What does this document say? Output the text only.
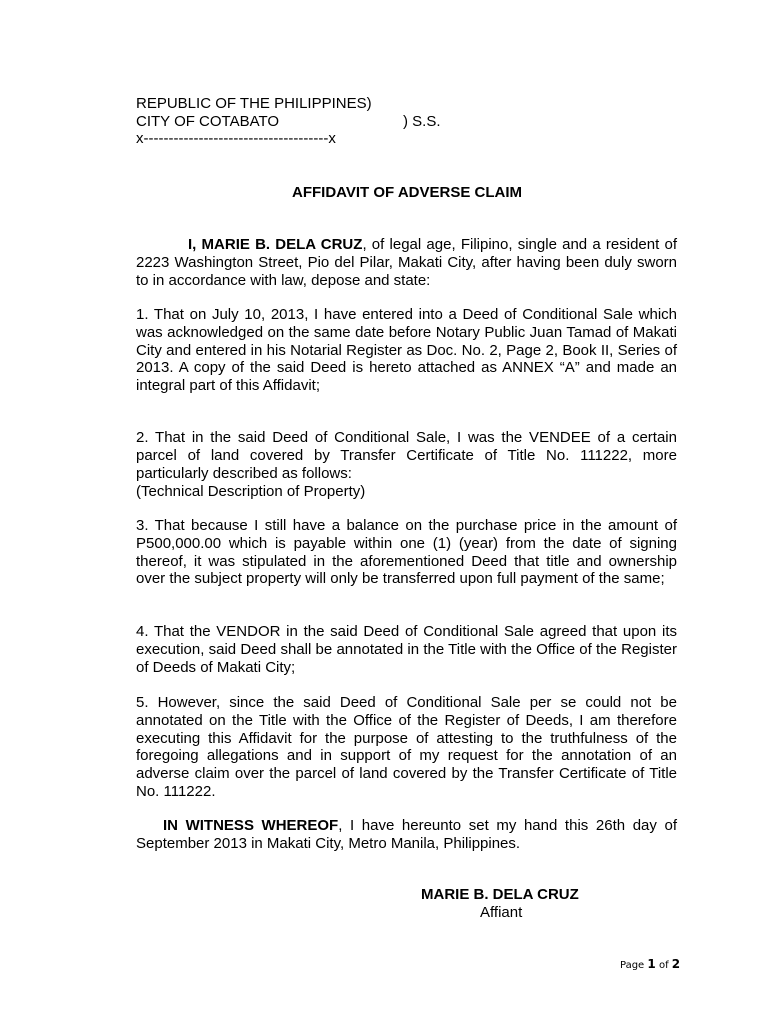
REPUBLIC OF THE PHILIPPINES)

CITY OF COTABATO	) S.S.

x-------------------------------------x

AFFIDAVIT OF ADVERSE CLAIM

I, MARIE B. DELA CRUZ, of legal age, Filipino, single and a resident of 2223 Washington Street, Pio del Pilar, Makati City, after having been duly sworn to in accordance with law, depose and state:

1. That on July 10, 2013, I have entered into a Deed of Conditional Sale which was acknowledged on the same date before Notary Public Juan Tamad of Makati City and entered in his Notarial Register as Doc. No. 2, Page 2, Book II, Series of 2013. A copy of the said Deed is hereto attached as ANNEX “A” and made an integral part of this Affidavit;

2. That in the said Deed of Conditional Sale, I was the VENDEE of a certain parcel of land covered by Transfer Certificate of Title No. 111222, more particularly described as follows:

(Technical Description of Property)

3. That because I still have a balance on the purchase price in the amount of P500,000.00 which is payable within one (1) (year) from the date of signing thereof, it was stipulated in the aforementioned Deed that title and ownership over the subject property will only be transferred upon full payment of the same;

4. That the VENDOR in the said Deed of Conditional Sale agreed that upon its execution, said Deed shall be annotated in the Title with the Office of the Register of Deeds of Makati City;

5. However, since the said Deed of Conditional Sale per se could not be annotated on the Title with the Office of the Register of Deeds, I am therefore executing this Affidavit for the purpose of attesting to the truthfulness of the foregoing allegations and in support of my request for the annotation of an adverse claim over the parcel of land covered by the Transfer Certificate of Title No. 111222.

IN WITNESS WHEREOF, I have hereunto set my hand this 26th day of September 2013 in Makati City, Metro Manila, Philippines.

MARIE B. DELA CRUZ

Affiant

Page 1 of 2
